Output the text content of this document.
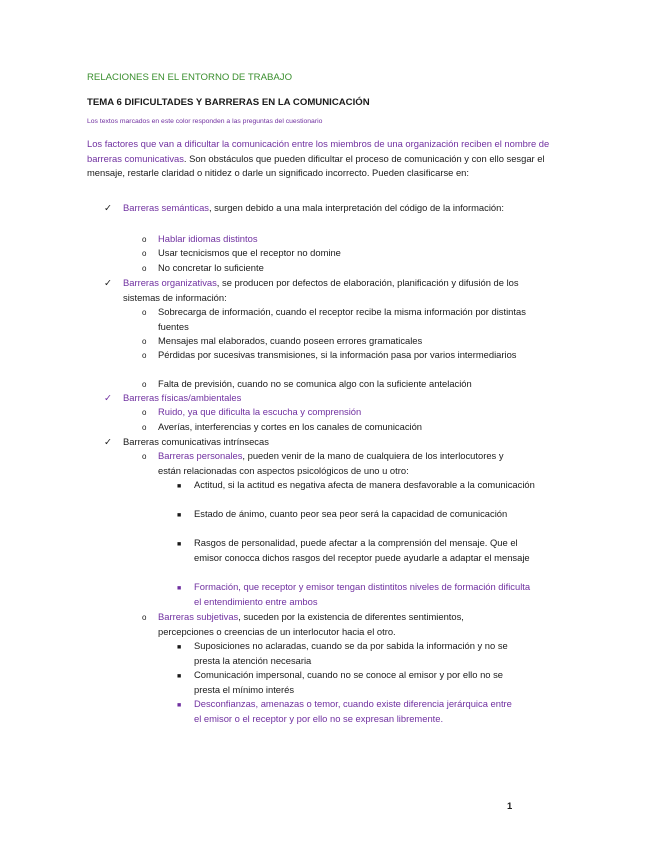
RELACIONES EN EL ENTORNO DE TRABAJO
TEMA 6 DIFICULTADES Y BARRERAS EN LA COMUNICACIÓN
Los textos marcados en este color responden a las preguntas del cuestionario
Los factores que van a dificultar la comunicación entre los miembros de una organización reciben el nombre de barreras comunicativas. Son obstáculos que pueden dificultar el proceso de comunicación y con ello sesgar el mensaje, restarle claridad o nitidez o darle un significado incorrecto. Pueden clasificarse en:
✓ Barreras semánticas, surgen debido a una mala interpretación del código de la información:
o Hablar idiomas distintos
o Usar tecnicismos que el receptor no domine
o No concretar lo suficiente
✓ Barreras organizativas, se producen por defectos de elaboración, planificación y difusión de los sistemas de información:
o Sobrecarga de información, cuando el receptor recibe la misma información por distintas fuentes
o Mensajes mal elaborados, cuando poseen errores gramaticales
o Pérdidas por sucesivas transmisiones, si la información pasa por varios intermediarios
o Falta de previsión, cuando no se comunica algo con la suficiente antelación
✓ Barreras físicas/ambientales
o Ruido, ya que dificulta la escucha y comprensión
o Averías, interferencias y cortes en los canales de comunicación
✓ Barreras comunicativas intrínsecas
o Barreras personales, pueden venir de la mano de cualquiera de los interlocutores y están relacionadas con aspectos psicológicos de uno u otro:
■ Actitud, si la actitud es negativa afecta de manera desfavorable a la comunicación
■ Estado de ánimo, cuanto peor sea peor será la capacidad de comunicación
■ Rasgos de personalidad, puede afectar a la comprensión del mensaje. Que el emisor conocca dichos rasgos del receptor puede ayudarle a adaptar el mensaje
■ Formación, que receptor y emisor tengan distintitos niveles de formación dificulta el entendimiento entre ambos
o Barreras subjetivas, suceden por la existencia de diferentes sentimientos, percepciones o creencias de un interlocutor hacia el otro.
■ Suposiciones no aclaradas, cuando se da por sabida la información y no se presta la atención necesaria
■ Comunicación impersonal, cuando no se conoce al emisor y por ello no se presta el mínimo interés
■ Desconfianzas, amenazas o temor, cuando existe diferencia jerárquica entre el emisor o el receptor y por ello no se expresan libremente.
1
